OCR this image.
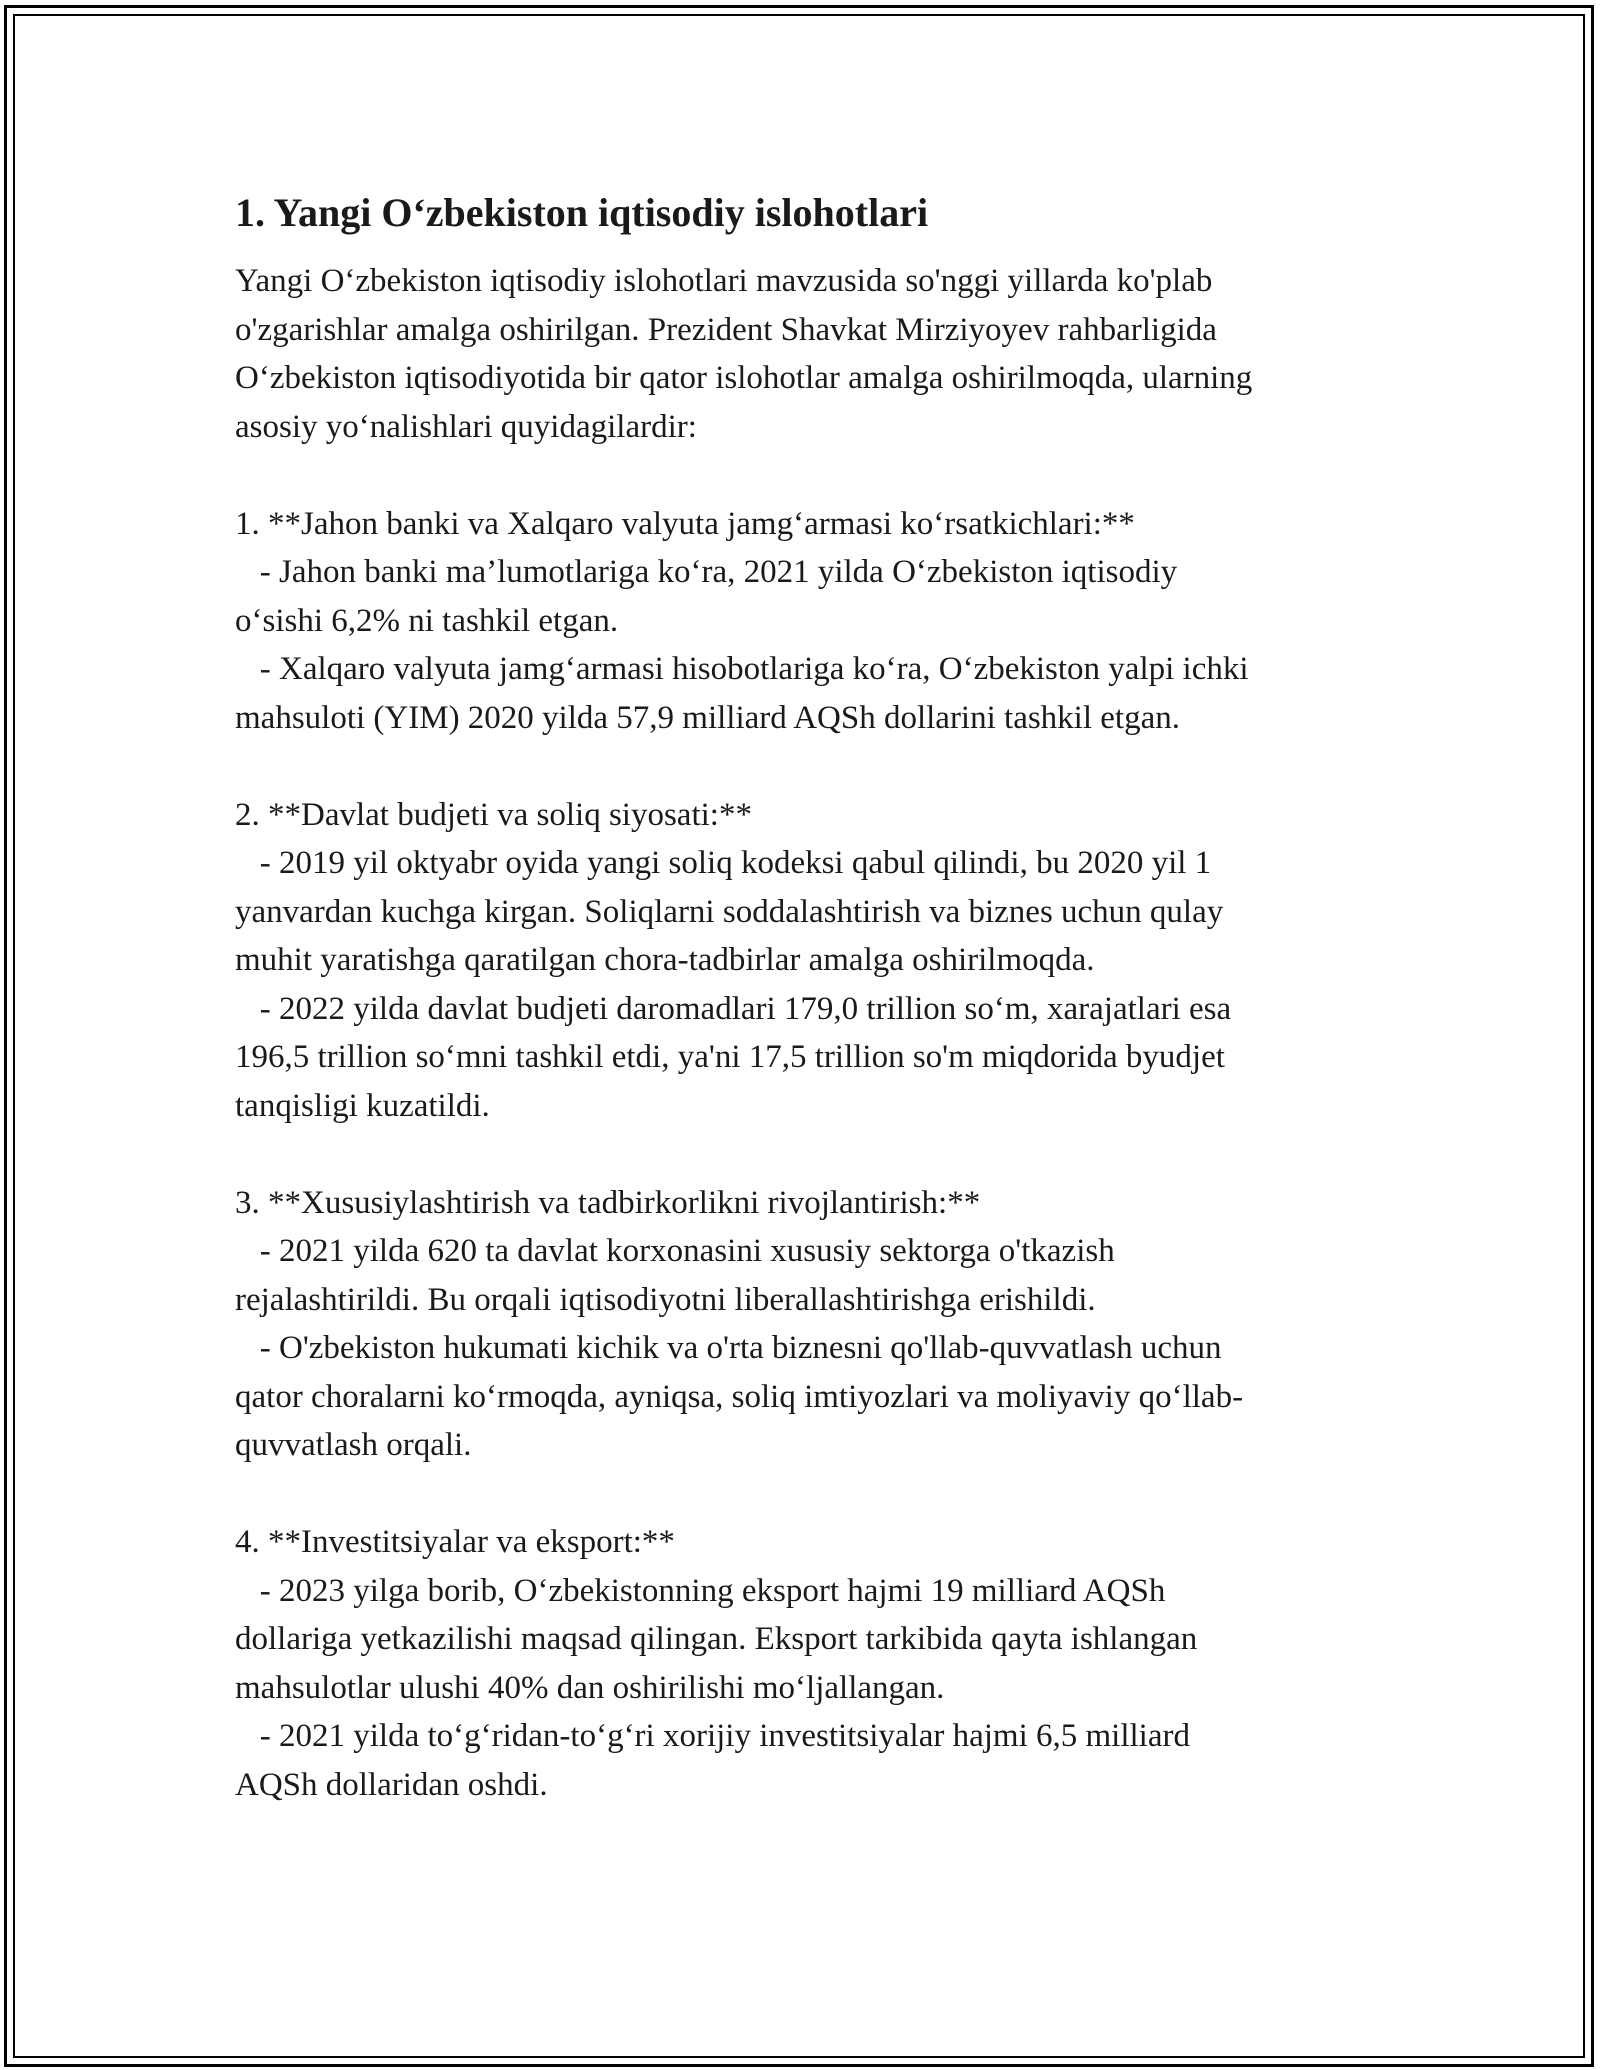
1. Yangi O‘zbekiston iqtisodiy islohotlari

Yangi O‘zbekiston iqtisodiy islohotlari mavzusida so'nggi yillarda ko'plab
o'zgarishlar amalga oshirilgan. Prezident Shavkat Mirziyoyev rahbarligida
O‘zbekiston iqtisodiyotida bir qator islohotlar amalga oshirilmoqda, ularning
asosiy yo‘nalishlari quyidagilardir:

1. **Jahon banki va Xalqaro valyuta jamg‘armasi ko‘rsatkichlari:**
- Jahon banki ma’lumotlariga ko‘ra, 2021 yilda O‘zbekiston iqtisodiy
o‘sishi 6,2% ni tashkil etgan.
- Xalqaro valyuta jamg‘armasi hisobotlariga ko‘ra, O‘zbekiston yalpi ichki
mahsuloti (YIM) 2020 yilda 57,9 milliard AQSh dollarini tashkil etgan.

2. **Davlat budjeti va soliq siyosati:**
- 2019 yil oktyabr oyida yangi soliq kodeksi qabul qilindi, bu 2020 yil 1
yanvardan kuchga kirgan. Soliqlarni soddalashtirish va biznes uchun qulay
muhit yaratishga qaratilgan chora-tadbirlar amalga oshirilmoqda.
- 2022 yilda davlat budjeti daromadlari 179,0 trillion so‘m, xarajatlari esa
196,5 trillion so‘mni tashkil etdi, ya'ni 17,5 trillion so'm miqdorida byudjet
tanqisligi kuzatildi.

3. **Xususiylashtirish va tadbirkorlikni rivojlantirish:**
- 2021 yilda 620 ta davlat korxonasini xususiy sektorga o'tkazish
rejalashtirildi. Bu orqali iqtisodiyotni liberallashtirishga erishildi.
- O'zbekiston hukumati kichik va o'rta biznesni qo'llab-quvvatlash uchun
qator choralarni ko‘rmoqda, ayniqsa, soliq imtiyozlari va moliyaviy qo‘llab-
quvvatlash orqali.

4. **Investitsiyalar va eksport:**
- 2023 yilga borib, O‘zbekistonning eksport hajmi 19 milliard AQSh
dollariga yetkazilishi maqsad qilingan. Eksport tarkibida qayta ishlangan
mahsulotlar ulushi 40% dan oshirilishi mo‘ljallangan.
- 2021 yilda to‘g‘ridan-to‘g‘ri xorijiy investitsiyalar hajmi 6,5 milliard
AQSh dollaridan oshdi.
